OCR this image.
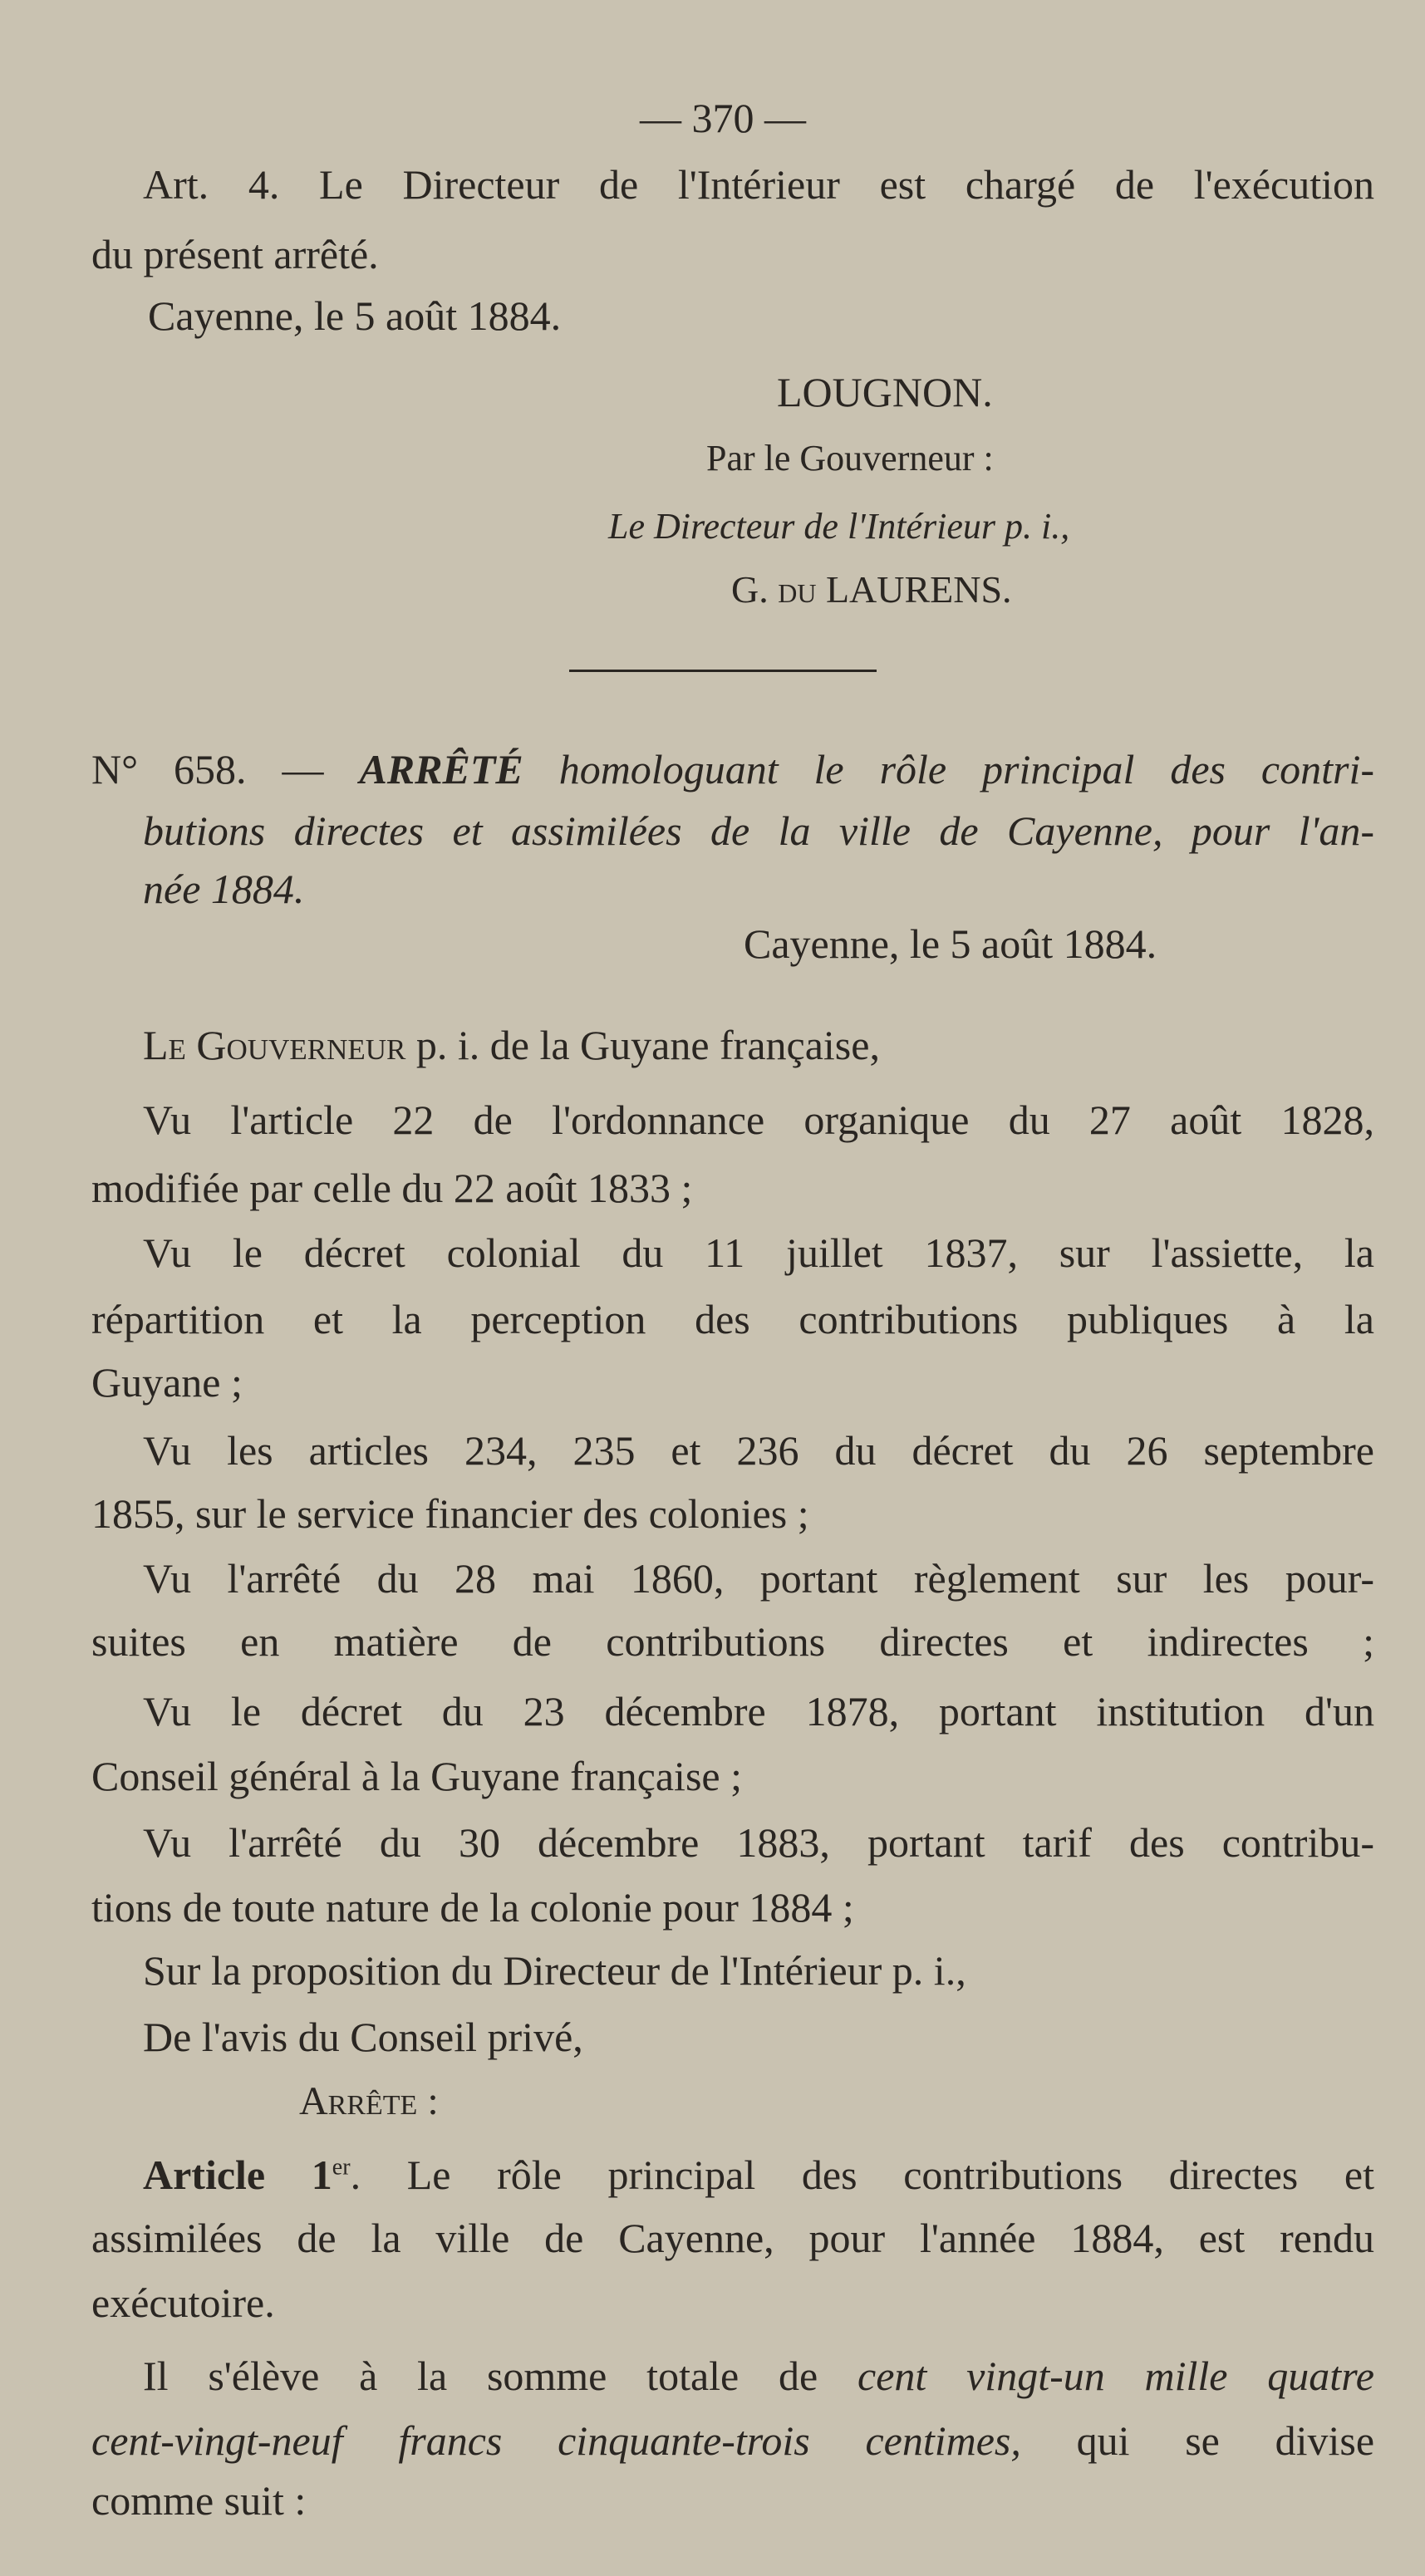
— 370 —
Art. 4. Le Directeur de l'Intérieur est chargé de l'exécution
du présent arrêté.
Cayenne, le 5 août 1884.
LOUGNON.
Par le Gouverneur :
Le Directeur de l'Intérieur p. i.,
G. du LAURENS.
N° 658. — ARRÊTÉ homologuant le rôle principal des contri-
butions directes et assimilées de la ville de Cayenne, pour l'an-
née 1884.
Cayenne, le 5 août 1884.
Le Gouverneur p. i. de la Guyane française,
Vu l'article 22 de l'ordonnance organique du 27 août 1828,
modifiée par celle du 22 août 1833 ;
Vu le décret colonial du 11 juillet 1837, sur l'assiette, la
répartition et la perception des contributions publiques à la
Guyane ;
Vu les articles 234, 235 et 236 du décret du 26 septembre
1855, sur le service financier des colonies ;
Vu l'arrêté du 28 mai 1860, portant règlement sur les pour-
suites en matière de contributions directes et indirectes ;
Vu le décret du 23 décembre 1878, portant institution d'un
Conseil général à la Guyane française ;
Vu l'arrêté du 30 décembre 1883, portant tarif des contribu-
tions de toute nature de la colonie pour 1884 ;
Sur la proposition du Directeur de l'Intérieur p. i.,
De l'avis du Conseil privé,
Arrête :
Article 1er. Le rôle principal des contributions directes et
assimilées de la ville de Cayenne, pour l'année 1884, est rendu
exécutoire.
Il s'élève à la somme totale de cent vingt-un mille quatre
cent-vingt-neuf francs cinquante-trois centimes, qui se divise
comme suit :
